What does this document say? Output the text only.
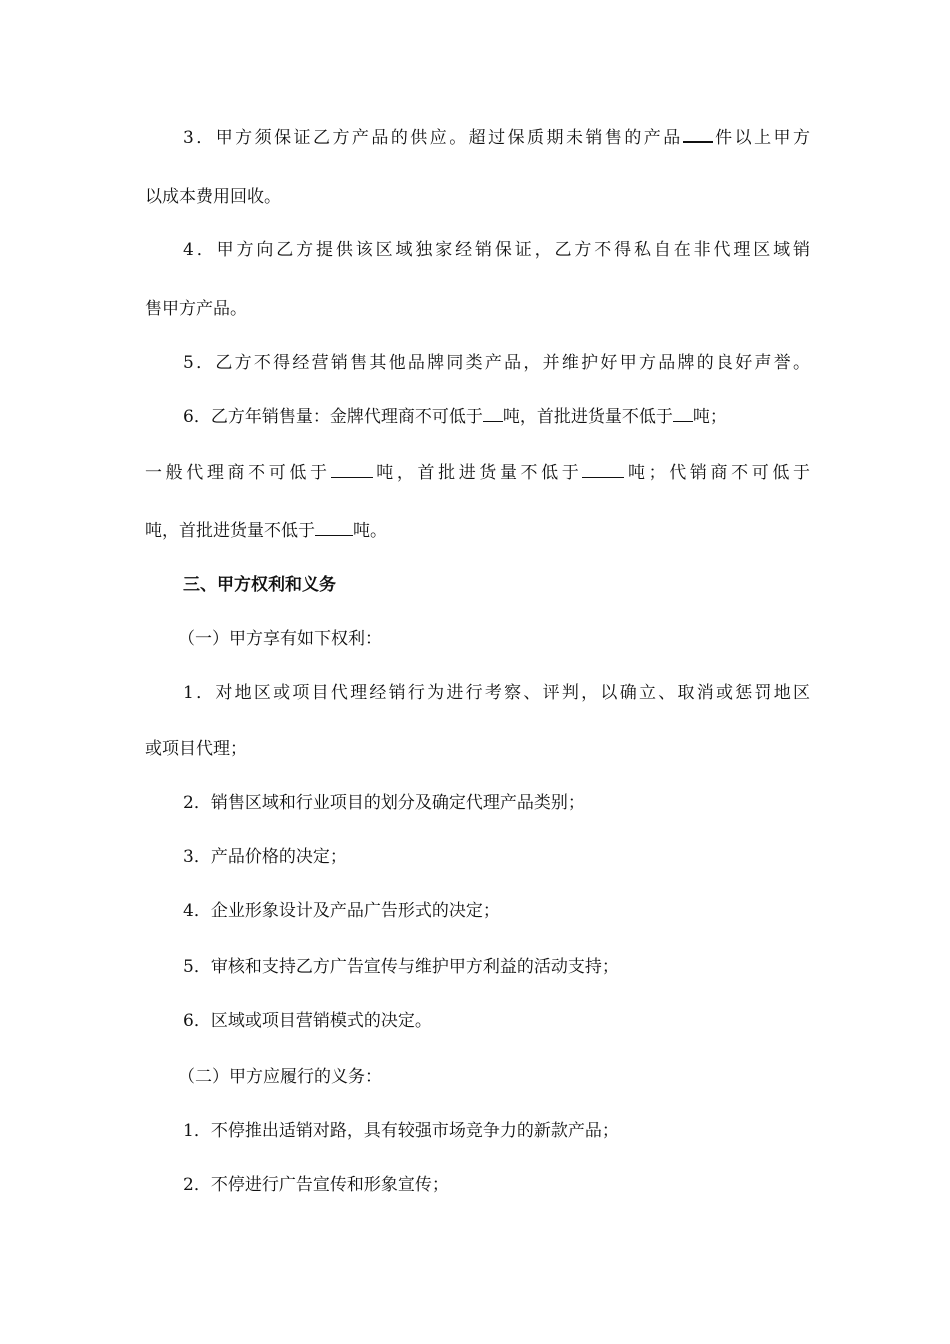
3．甲方须保证乙方产品的供应。超过保质期未销售的产品 件以上甲方
以成本费用回收。
4．甲方向乙方提供该区域独家经销保证，乙方不得私自在非代理区域销
售甲方产品。
5．乙方不得经营销售其他品牌同类产品，并维护好甲方品牌的良好声誉。
6．乙方年销售量：金牌代理商不可低于 吨，首批进货量不低于 吨；
一般代理商不可低于 吨，首批进货量不低于 吨；代销商不可低于
吨，首批进货量不低于 吨。
三、甲方权利和义务
（一）甲方享有如下权利：
1．对地区或项目代理经销行为进行考察、评判，以确立、取消或惩罚地区
或项目代理；
2．销售区域和行业项目的划分及确定代理产品类别；
3．产品价格的决定；
4．企业形象设计及产品广告形式的决定；
5．审核和支持乙方广告宣传与维护甲方利益的活动支持；
6．区域或项目营销模式的决定。
（二）甲方应履行的义务：
1．不停推出适销对路，具有较强市场竞争力的新款产品；
2．不停进行广告宣传和形象宣传；
